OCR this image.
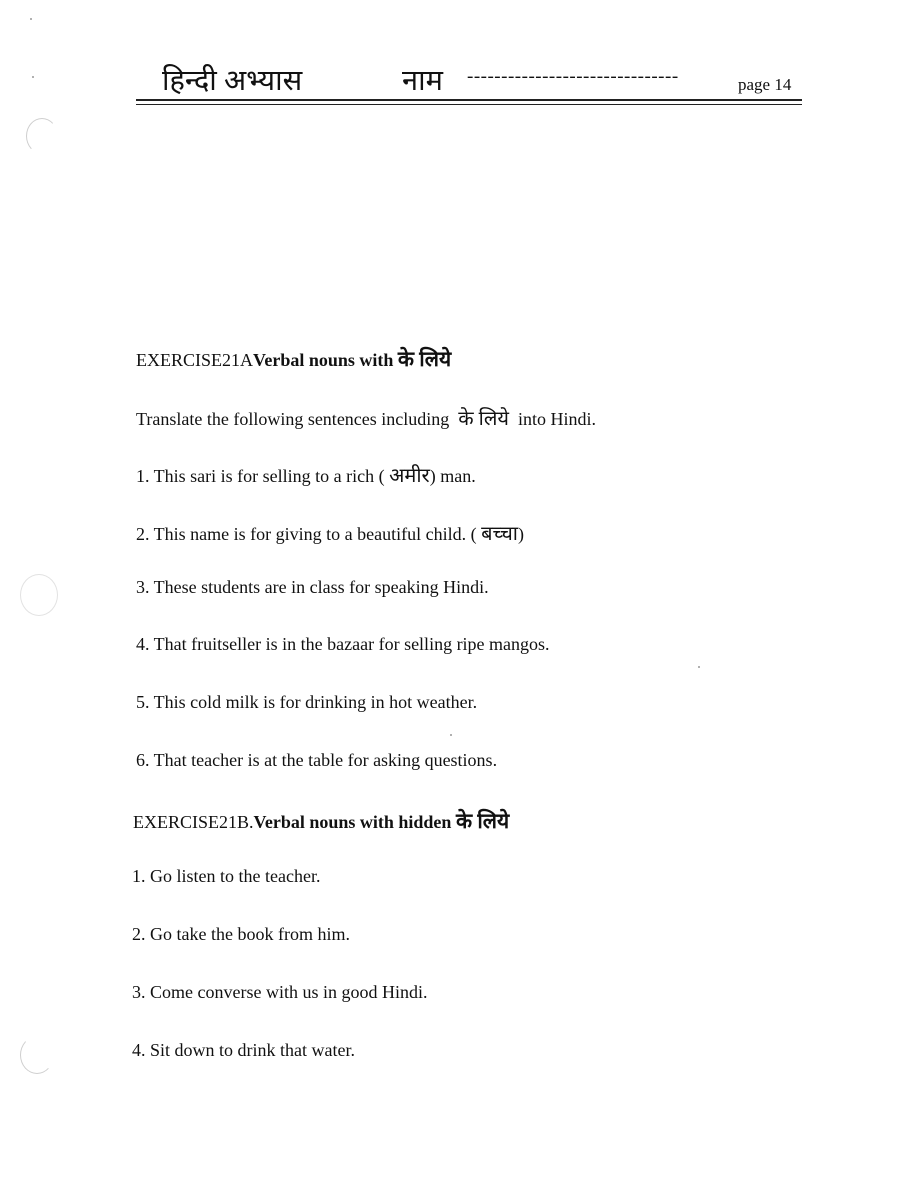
हिन्दी अभ्यास	नाम -------------------------------	page 14
EXERCISE21AVerbal nouns with के लिये
Translate the following sentences including के लिये into Hindi.
1. This sari is for selling to a rich ( अमीर) man.
2. This name is for giving to a beautiful child. ( बच्चा)
3. These students are in class for speaking Hindi.
4. That fruitseller is in the bazaar for selling ripe mangos.
5. This cold milk is for drinking in hot weather.
6. That teacher is at the table for asking questions.
EXERCISE21B.Verbal nouns with hidden के लिये
1. Go listen to the teacher.
2. Go take the book from him.
3. Come converse with us in good Hindi.
4. Sit down to drink that water.
